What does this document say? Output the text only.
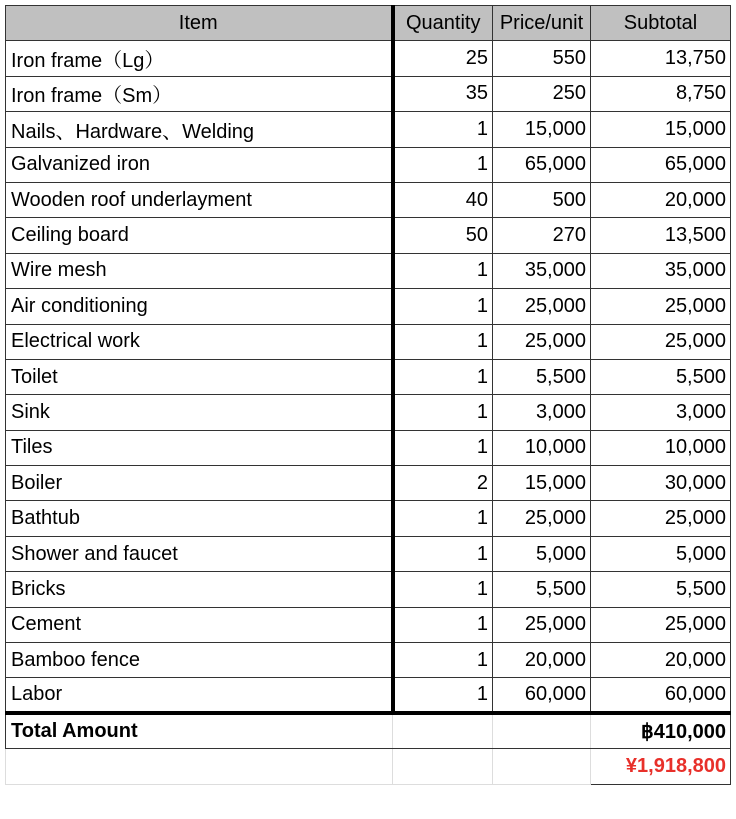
Item	Quantity	Price/unit	Subtotal
Iron frame（Lg）	25	550	13,750
Iron frame（Sm）	35	250	8,750
Nails、Hardware、Welding	1	15,000	15,000
Galvanized iron	1	65,000	65,000
Wooden roof underlayment	40	500	20,000
Ceiling board	50	270	13,500
Wire mesh	1	35,000	35,000
Air conditioning	1	25,000	25,000
Electrical work	1	25,000	25,000
Toilet	1	5,500	5,500
Sink	1	3,000	3,000
Tiles	1	10,000	10,000
Boiler	2	15,000	30,000
Bathtub	1	25,000	25,000
Shower and faucet	1	5,000	5,000
Bricks	1	5,500	5,500
Cement	1	25,000	25,000
Bamboo fence	1	20,000	20,000
Labor	1	60,000	60,000
Total Amount			฿410,000
			¥1,918,800
